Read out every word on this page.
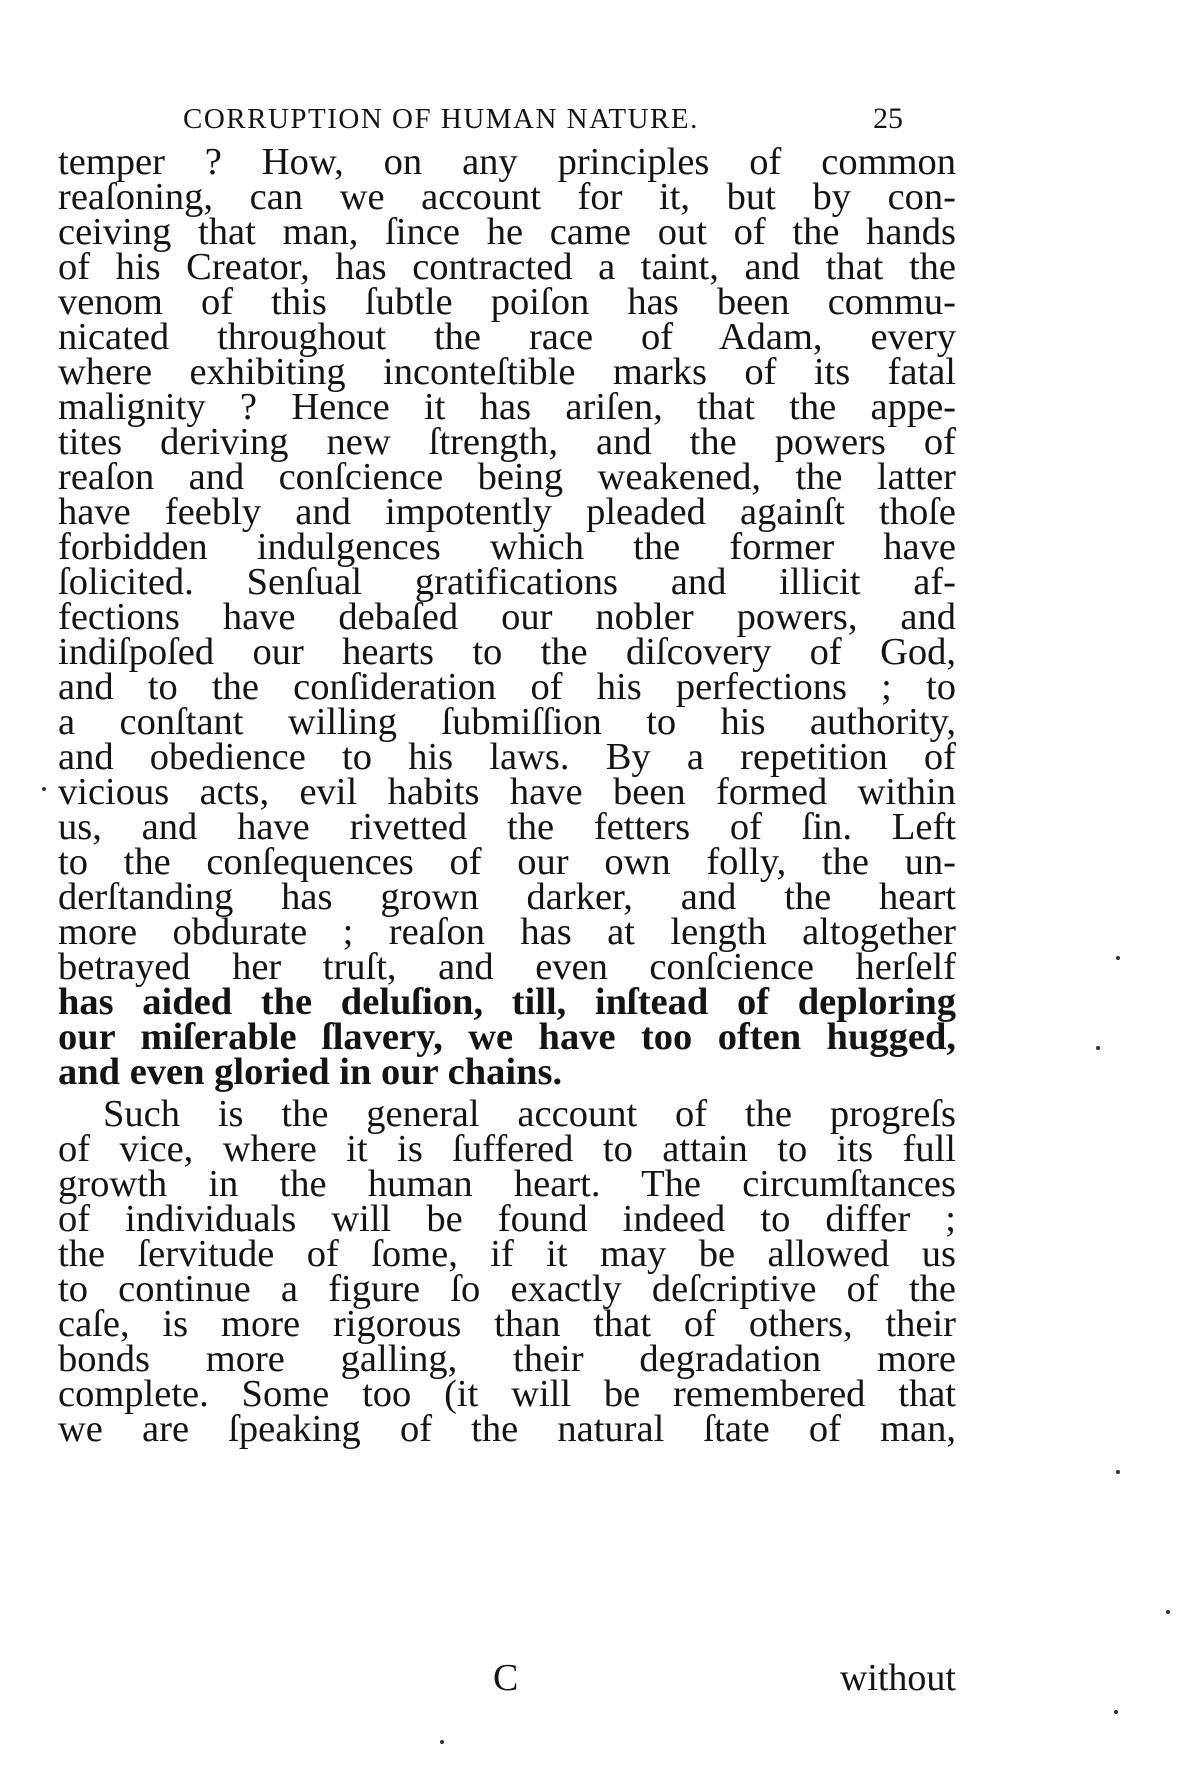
CORRUPTION OF HUMAN NATURE.	25
temper ? How, on any principles of common
reaſoning, can we account for it, but by con-
ceiving that man, ſince he came out of the hands
of his Creator, has contracted a taint, and that the
venom of this ſubtle poiſon has been commu-
nicated throughout the race of Adam, every
where exhibiting inconteſtible marks of its fatal
malignity ? Hence it has ariſen, that the appe-
tites deriving new ſtrength, and the powers of
reaſon and conſcience being weakened, the latter
have feebly and impotently pleaded againſt thoſe
forbidden indulgences which the former have
ſolicited. Senſual gratifications and illicit af-
fections have debaſed our nobler powers, and
indiſpoſed our hearts to the diſcovery of God,
and to the conſideration of his perfections ; to
a conſtant willing ſubmiſſion to his authority,
and obedience to his laws. By a repetition of
vicious acts, evil habits have been formed within
us, and have rivetted the fetters of ſin. Left
to the conſequences of our own folly, the un-
derſtanding has grown darker, and the heart
more obdurate ; reaſon has at length altogether
betrayed her truſt, and even conſcience herſelf
has aided the deluſion, till, inſtead of deploring
our miſerable ſlavery, we have too often hugged,
and even gloried in our chains.
Such is the general account of the progreſs
of vice, where it is ſuffered to attain to its full
growth in the human heart. The circumſtances
of individuals will be found indeed to differ ;
the ſervitude of ſome, if it may be allowed us
to continue a figure ſo exactly deſcriptive of the
caſe, is more rigorous than that of others, their
bonds more galling, their degradation more
complete. Some too (it will be remembered that
we are ſpeaking of the natural ſtate of man,
C	without
